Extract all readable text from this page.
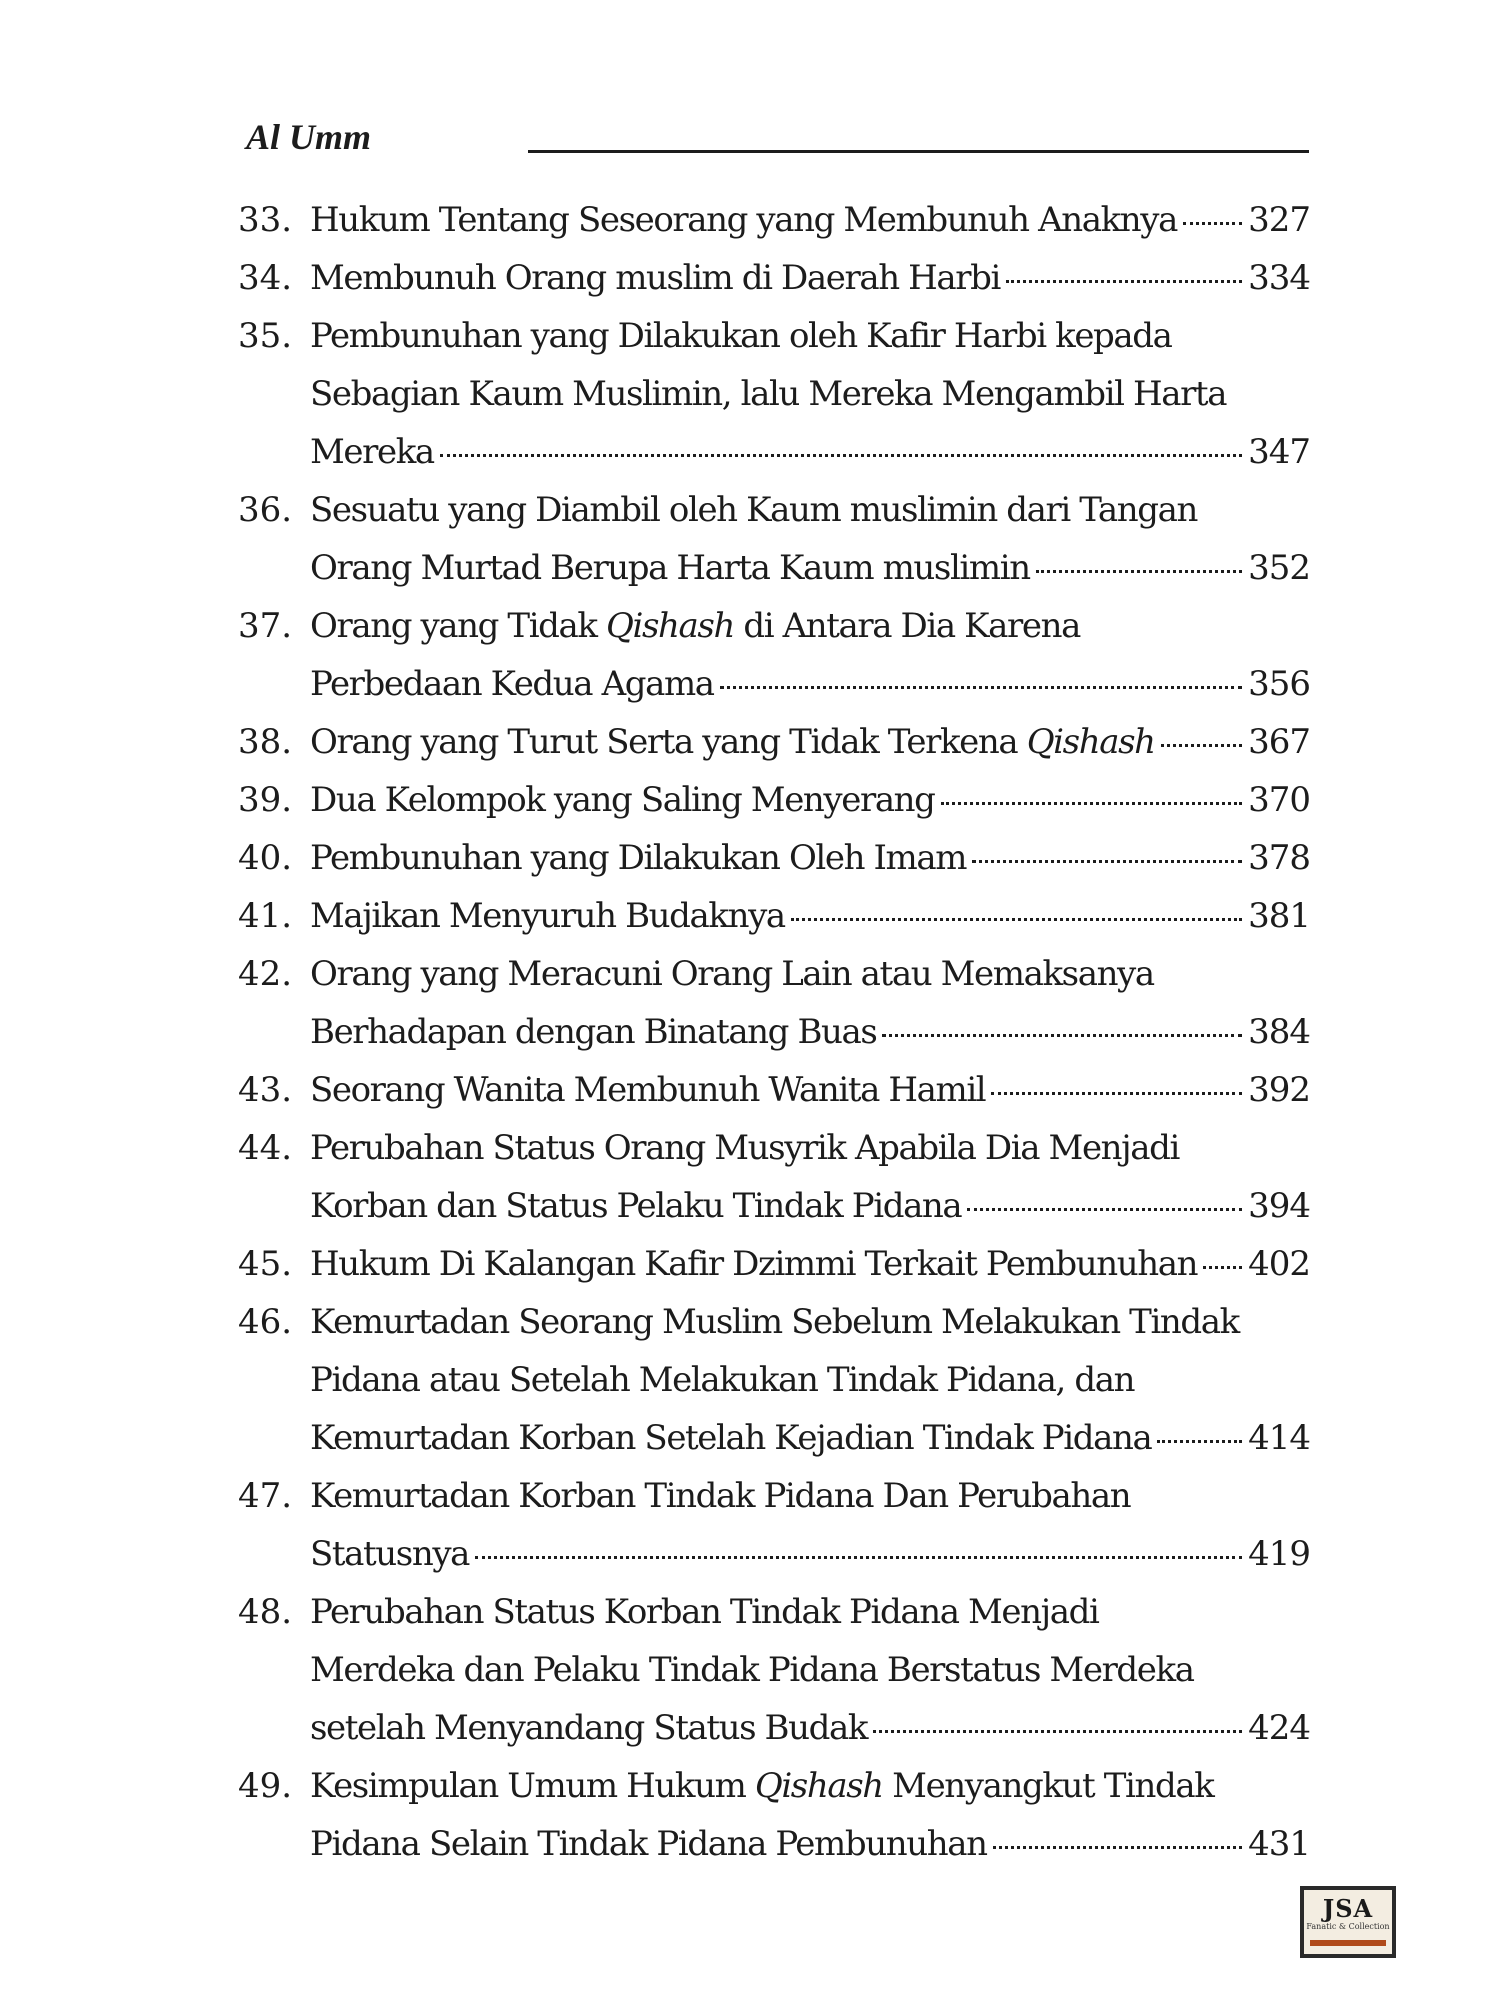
Al Umm
33. Hukum Tentang Seseorang yang Membunuh Anaknya 327
34. Membunuh Orang muslim di Daerah Harbi	334
35. Pembunuhan yang Dilakukan oleh Kafir Harbi kepada
Sebagian Kaum Muslimin, lalu Mereka Mengambil Harta
Mereka	347
36. Sesuatu yang Diambil oleh Kaum muslimin dari Tangan
Orang Murtad Berupa Harta Kaum muslimin	352
37. Orang yang Tidak Qishash di Antara Dia Karena
Perbedaan Kedua Agama	356
38. Orang yang Turut Serta yang Tidak Terkena Qishash	367
39. Dua Kelompok yang Saling Menyerang	370
40. Pembunuhan yang Dilakukan Oleh Imam	378
41. Majikan Menyuruh Budaknya	381
42. Orang yang Meracuni Orang Lain atau Memaksanya
Berhadapan dengan Binatang Buas	384
43. Seorang Wanita Membunuh Wanita Hamil	392
44. Perubahan Status Orang Musyrik Apabila Dia Menjadi
Korban dan Status Pelaku Tindak Pidana	394
45. Hukum Di Kalangan Kafir Dzimmi Terkait Pembunuhan 402
46. Kemurtadan Seorang Muslim Sebelum Melakukan Tindak
Pidana atau Setelah Melakukan Tindak Pidana, dan
Kemurtadan Korban Setelah Kejadian Tindak Pidana	414
47. Kemurtadan Korban Tindak Pidana Dan Perubahan
Statusnya	419
48. Perubahan Status Korban Tindak Pidana Menjadi
Merdeka dan Pelaku Tindak Pidana Berstatus Merdeka
setelah Menyandang Status Budak	424
49. Kesimpulan Umum Hukum Qishash Menyangkut Tindak
Pidana Selain Tindak Pidana Pembunuhan	431
JSA
Fanatic & Collection
